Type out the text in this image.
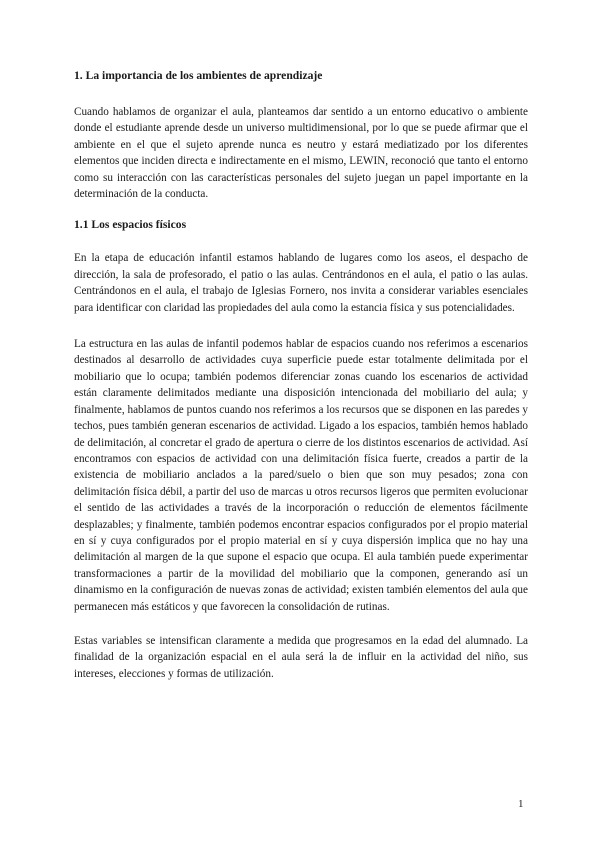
1. La importancia de los ambientes de aprendizaje

Cuando hablamos de organizar el aula, planteamos dar sentido a un entorno educativo o ambiente donde el estudiante aprende desde un universo multidimensional, por lo que se puede afirmar que el ambiente en el que el sujeto aprende nunca es neutro y estará mediatizado por los diferentes elementos que inciden directa e indirectamente en el mismo, LEWIN, reconoció que tanto el entorno como su interacción con las características personales del sujeto juegan un papel importante en la determinación de la conducta.

1.1 Los espacios físicos

En la etapa de educación infantil estamos hablando de lugares como los aseos, el despacho de dirección, la sala de profesorado, el patio o las aulas. Centrándonos en el aula, el patio o las aulas. Centrándonos en el aula, el trabajo de Iglesias Fornero, nos invita a considerar variables esenciales para identificar con claridad las propiedades del aula como la estancia física y sus potencialidades.

La estructura en las aulas de infantil podemos hablar de espacios cuando nos referimos a escenarios destinados al desarrollo de actividades cuya superficie puede estar totalmente delimitada por el mobiliario que lo ocupa; también podemos diferenciar zonas cuando los escenarios de actividad están claramente delimitados mediante una disposición intencionada del mobiliario del aula; y finalmente, hablamos de puntos cuando nos referimos a los recursos que se disponen en las paredes y techos, pues también generan escenarios de actividad. Ligado a los espacios, también hemos hablado de delimitación, al concretar el grado de apertura o cierre de los distintos escenarios de actividad. Así encontramos con espacios de actividad con una delimitación física fuerte, creados a partir de la existencia de mobiliario anclados a la pared/suelo o bien que son muy pesados; zona con delimitación física débil, a partir del uso de marcas u otros recursos ligeros que permiten evolucionar el sentido de las actividades a través de la incorporación o reducción de elementos fácilmente desplazables; y finalmente, también podemos encontrar espacios configurados por el propio material en sí y cuya configurados por el propio material en sí y cuya dispersión implica que no hay una delimitación al margen de la que supone el espacio que ocupa. El aula también puede experimentar transformaciones a partir de la movilidad del mobiliario que la componen, generando así un dinamismo en la configuración de nuevas zonas de actividad; existen también elementos del aula que permanecen más estáticos y que favorecen la consolidación de rutinas.

Estas variables se intensifican claramente a medida que progresamos en la edad del alumnado. La finalidad de la organización espacial en el aula será la de influir en la actividad del niño, sus intereses, elecciones y formas de utilización.

1
